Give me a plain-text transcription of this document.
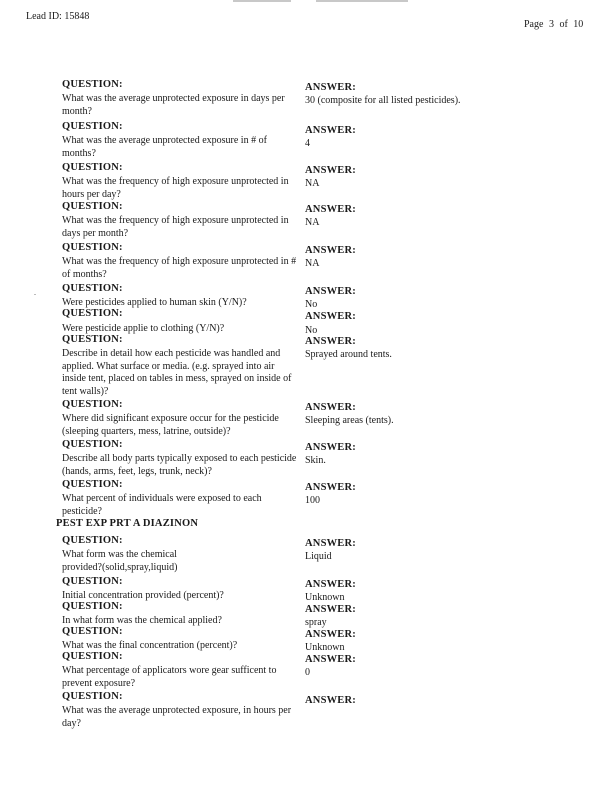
Lead ID: 15848
Page 3 of 10
QUESTION:
What was the average unprotected exposure in days per month?
ANSWER:
30 (composite for all listed pesticides).
QUESTION:
What was the average unprotected exposure in # of months?
ANSWER:
4
QUESTION:
What was the frequency of high exposure unprotected in hours per day?
ANSWER:
NA
QUESTION:
What was the frequency of high exposure unprotected in days per month?
ANSWER:
NA
QUESTION:
What was the frequency of high exposure unprotected in # of months?
ANSWER:
NA
QUESTION:
Were pesticides applied to human skin (Y/N)?
ANSWER:
No
QUESTION:
Were pesticide applie to clothing (Y/N)?
ANSWER:
No
QUESTION:
Describe in detail how each pesticide was handled and applied. What surface or media. (e.g. sprayed into air inside tent, placed on tables in mess, sprayed on inside of tent walls)?
ANSWER:
Sprayed around tents.
QUESTION:
Where did significant exposure occur for the pesticide (sleeping quarters, mess, latrine, outside)?
ANSWER:
Sleeping areas (tents).
QUESTION:
Describe all body parts typically exposed to each pesticide (hands, arms, feet, legs, trunk, neck)?
ANSWER:
Skin.
QUESTION:
What percent of individuals were exposed to each pesticide?
ANSWER:
100
PEST EXP PRT A DIAZINON
QUESTION:
What form was the chemical provided?(solid,spray,liquid)
ANSWER:
Liquid
QUESTION:
Initial concentration provided (percent)?
ANSWER:
Unknown
QUESTION:
In what form was the chemical applied?
ANSWER:
spray
QUESTION:
What was the final concentration (percent)?
ANSWER:
Unknown
QUESTION:
What percentage of applicators wore gear sufficent to prevent exposure?
ANSWER:
0
QUESTION:
What was the average unprotected exposure, in hours per day?
ANSWER:
